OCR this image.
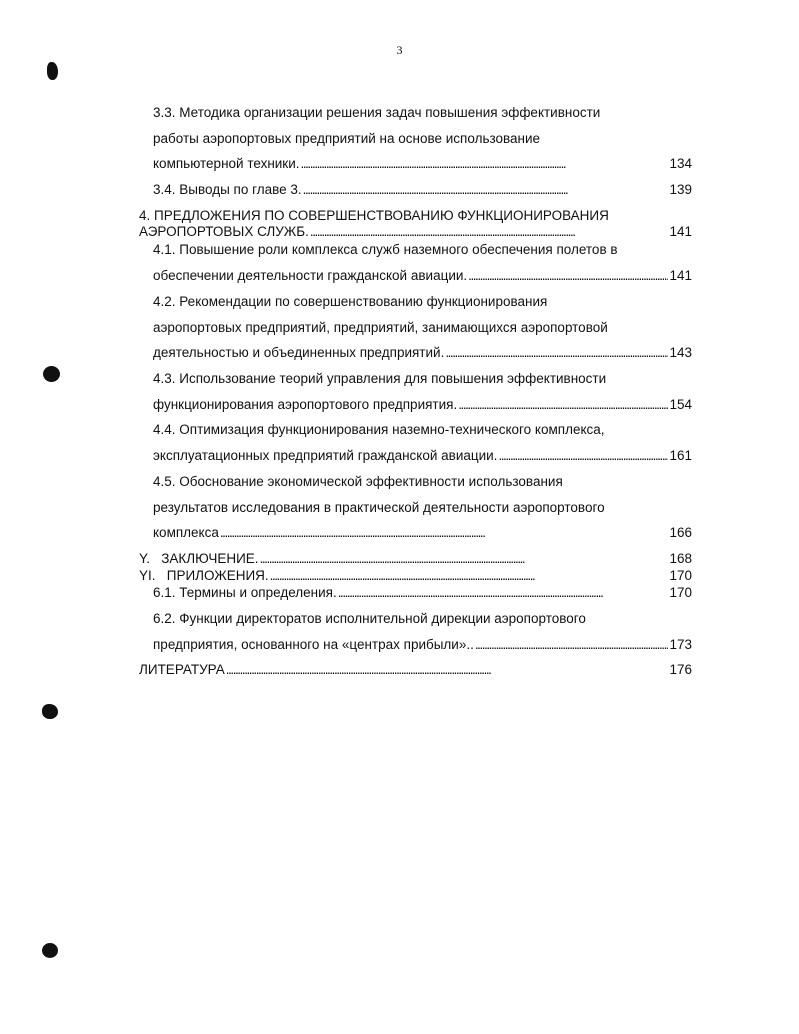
3
3.3. Методика организации решения задач повышения эффективности
работы аэропортовых предприятий на основе использование
компьютерной техники. . . .	134
3.4. Выводы по главе 3. . . .	139
4. ПРЕДЛОЖЕНИЯ ПО СОВЕРШЕНСТВОВАНИЮ ФУНКЦИОНИРОВАНИЯ
АЭРОПОРТОВЫХ СЛУЖБ. . . .	141
4.1. Повышение роли комплекса служб наземного обеспечения полетов в
обеспечении деятельности гражданской авиации. . . .	141
4.2. Рекомендации по совершенствованию функционирования
аэропортовых предприятий, предприятий, занимающихся аэропортовой
деятельностью и объединенных предприятий. . . .	143
4.3. Использование теорий управления для повышения эффективности
функционирования аэропортового предприятия. . . .	154
4.4. Оптимизация функционирования наземно-технического комплекса,
эксплуатационных предприятий гражданской авиации. . . .	161
4.5. Обоснование экономической эффективности использования
результатов исследования в практической деятельности аэропортового
комплекса . . .	166
Y.   ЗАКЛЮЧЕНИЕ. . . .	168
YI.   ПРИЛОЖЕНИЯ. . . .	170
6.1. Термины и определения. . . .	170
6.2. Функции директоратов исполнительной дирекции аэропортового
предприятия, основанного на «центрах прибыли».. . . .	173
ЛИТЕРАТУРА . . .	176
